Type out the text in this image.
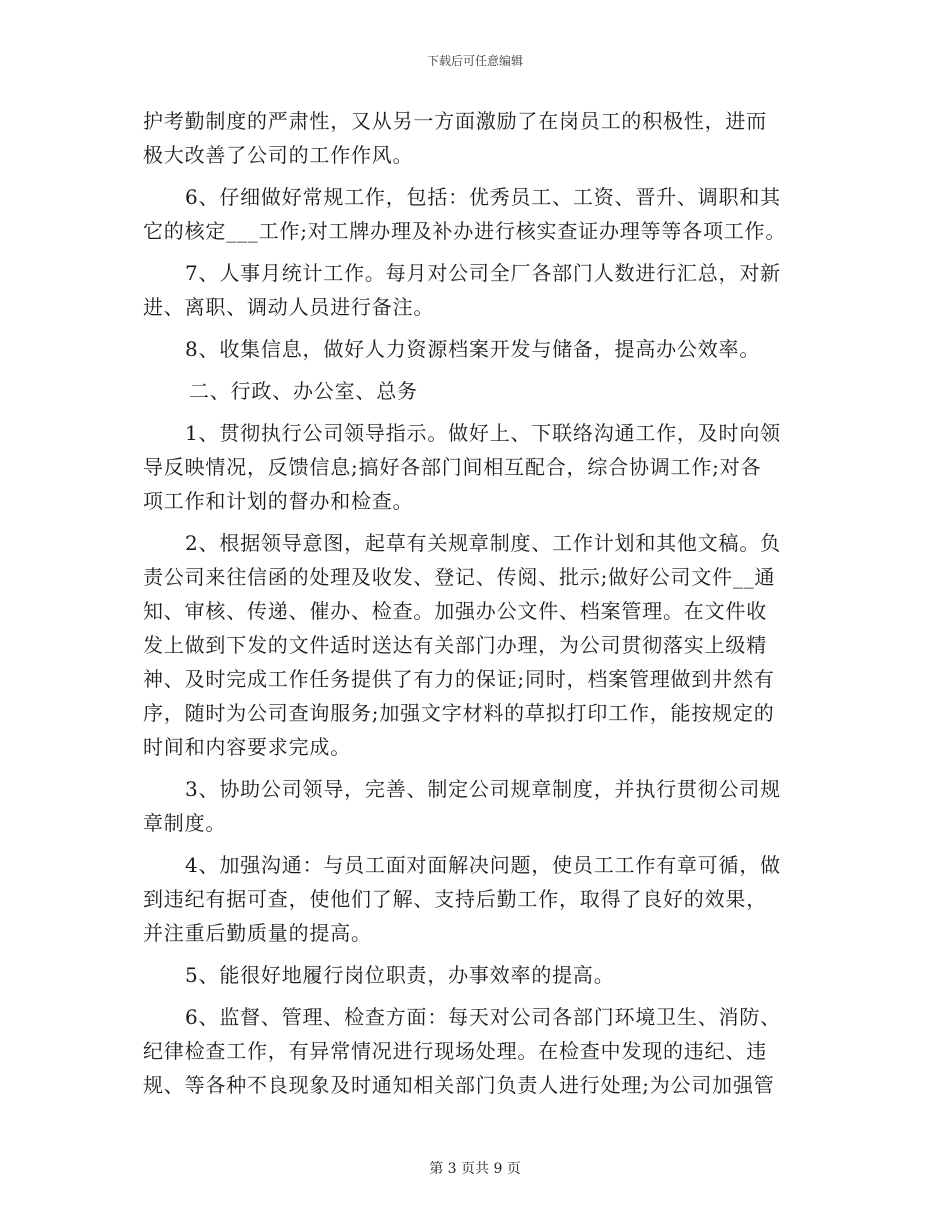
下载后可任意编辑
护考勤制度的严肃性，又从另一方面激励了在岗员工的积极性，进而
极大改善了公司的工作作风。
6、仔细做好常规工作，包括：优秀员工、工资、晋升、调职和其
它的核定___工作;对工牌办理及补办进行核实查证办理等等各项工作。
7、人事月统计工作。每月对公司全厂各部门人数进行汇总，对新
进、离职、调动人员进行备注。
8、收集信息，做好人力资源档案开发与储备，提高办公效率。
二、行政、办公室、总务
1、贯彻执行公司领导指示。做好上、下联络沟通工作，及时向领
导反映情况，反馈信息;搞好各部门间相互配合，综合协调工作;对各
项工作和计划的督办和检查。
2、根据领导意图，起草有关规章制度、工作计划和其他文稿。负
责公司来往信函的处理及收发、登记、传阅、批示;做好公司文件__通
知、审核、传递、催办、检查。加强办公文件、档案管理。在文件收
发上做到下发的文件适时送达有关部门办理，为公司贯彻落实上级精
神、及时完成工作任务提供了有力的保证;同时，档案管理做到井然有
序，随时为公司查询服务;加强文字材料的草拟打印工作，能按规定的
时间和内容要求完成。
3、协助公司领导，完善、制定公司规章制度，并执行贯彻公司规
章制度。
4、加强沟通：与员工面对面解决问题，使员工工作有章可循，做
到违纪有据可查，使他们了解、支持后勤工作，取得了良好的效果，
并注重后勤质量的提高。
5、能很好地履行岗位职责，办事效率的提高。
6、监督、管理、检查方面：每天对公司各部门环境卫生、消防、
纪律检查工作，有异常情况进行现场处理。在检查中发现的违纪、违
规、等各种不良现象及时通知相关部门负责人进行处理;为公司加强管
第 3 页共 9 页
